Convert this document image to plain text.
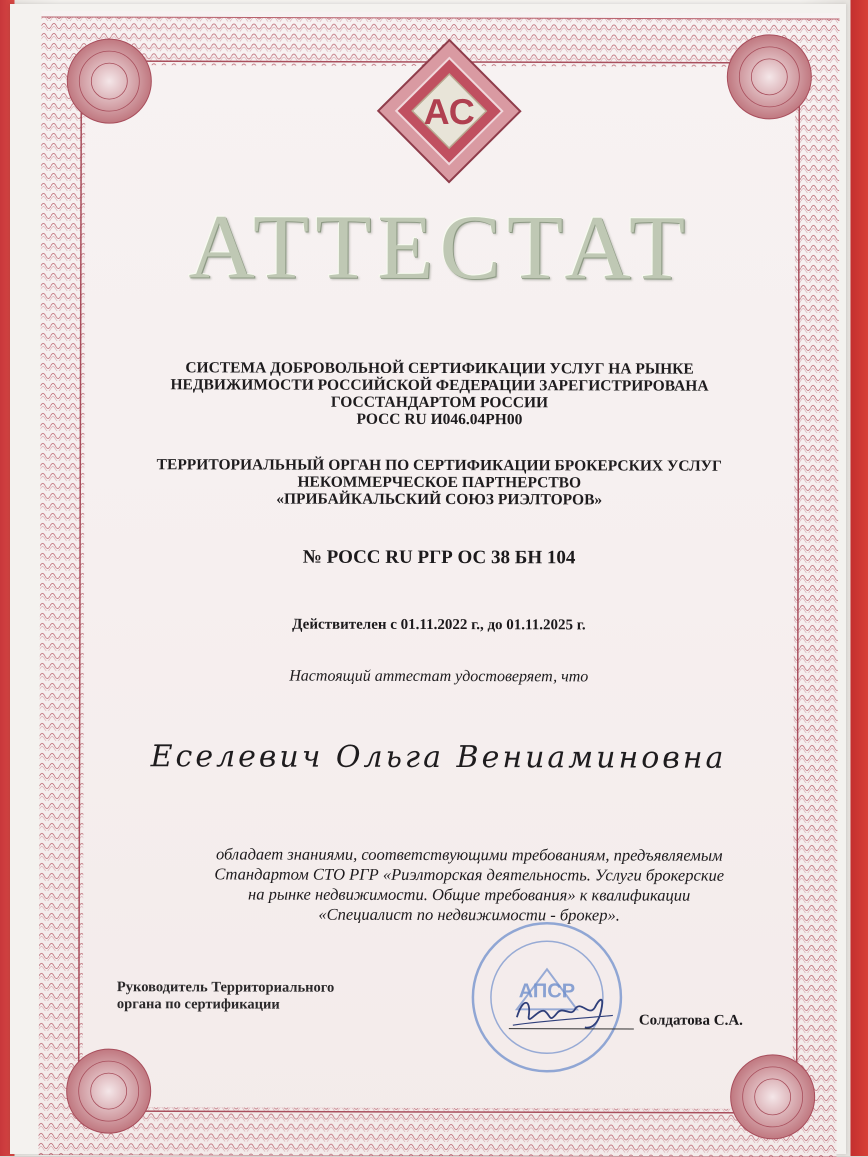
АС
АТТЕСТАТ
СИСТЕМА ДОБРОВОЛЬНОЙ СЕРТИФИКАЦИИ УСЛУГ НА РЫНКЕ
НЕДВИЖИМОСТИ РОССИЙСКОЙ ФЕДЕРАЦИИ ЗАРЕГИСТРИРОВАНА
ГОССТАНДАРТОМ РОССИИ
РОСС RU И046.04РН00
ТЕРРИТОРИАЛЬНЫЙ ОРГАН ПО СЕРТИФИКАЦИИ БРОКЕРСКИХ УСЛУГ
НЕКОММЕРЧЕСКОЕ ПАРТНЕРСТВО
«ПРИБАЙКАЛЬСКИЙ СОЮЗ РИЭЛТОРОВ»
№ РОСС RU РГР ОС 38 БН 104
Действителен с 01.11.2022 г., до 01.11.2025 г.
Настоящий аттестат удостоверяет, что
Еселевич Ольга Вениаминовна
обладает знаниями, соответствующими требованиям, предъявляемым
Стандартом СТО РГР «Риэлторская деятельность. Услуги брокерские
на рынке недвижимости. Общие требования» к квалификации
«Специалист по недвижимости - брокер».
Руководитель Территориального
органа по сертификации
АПСР
Солдатова С.А.
